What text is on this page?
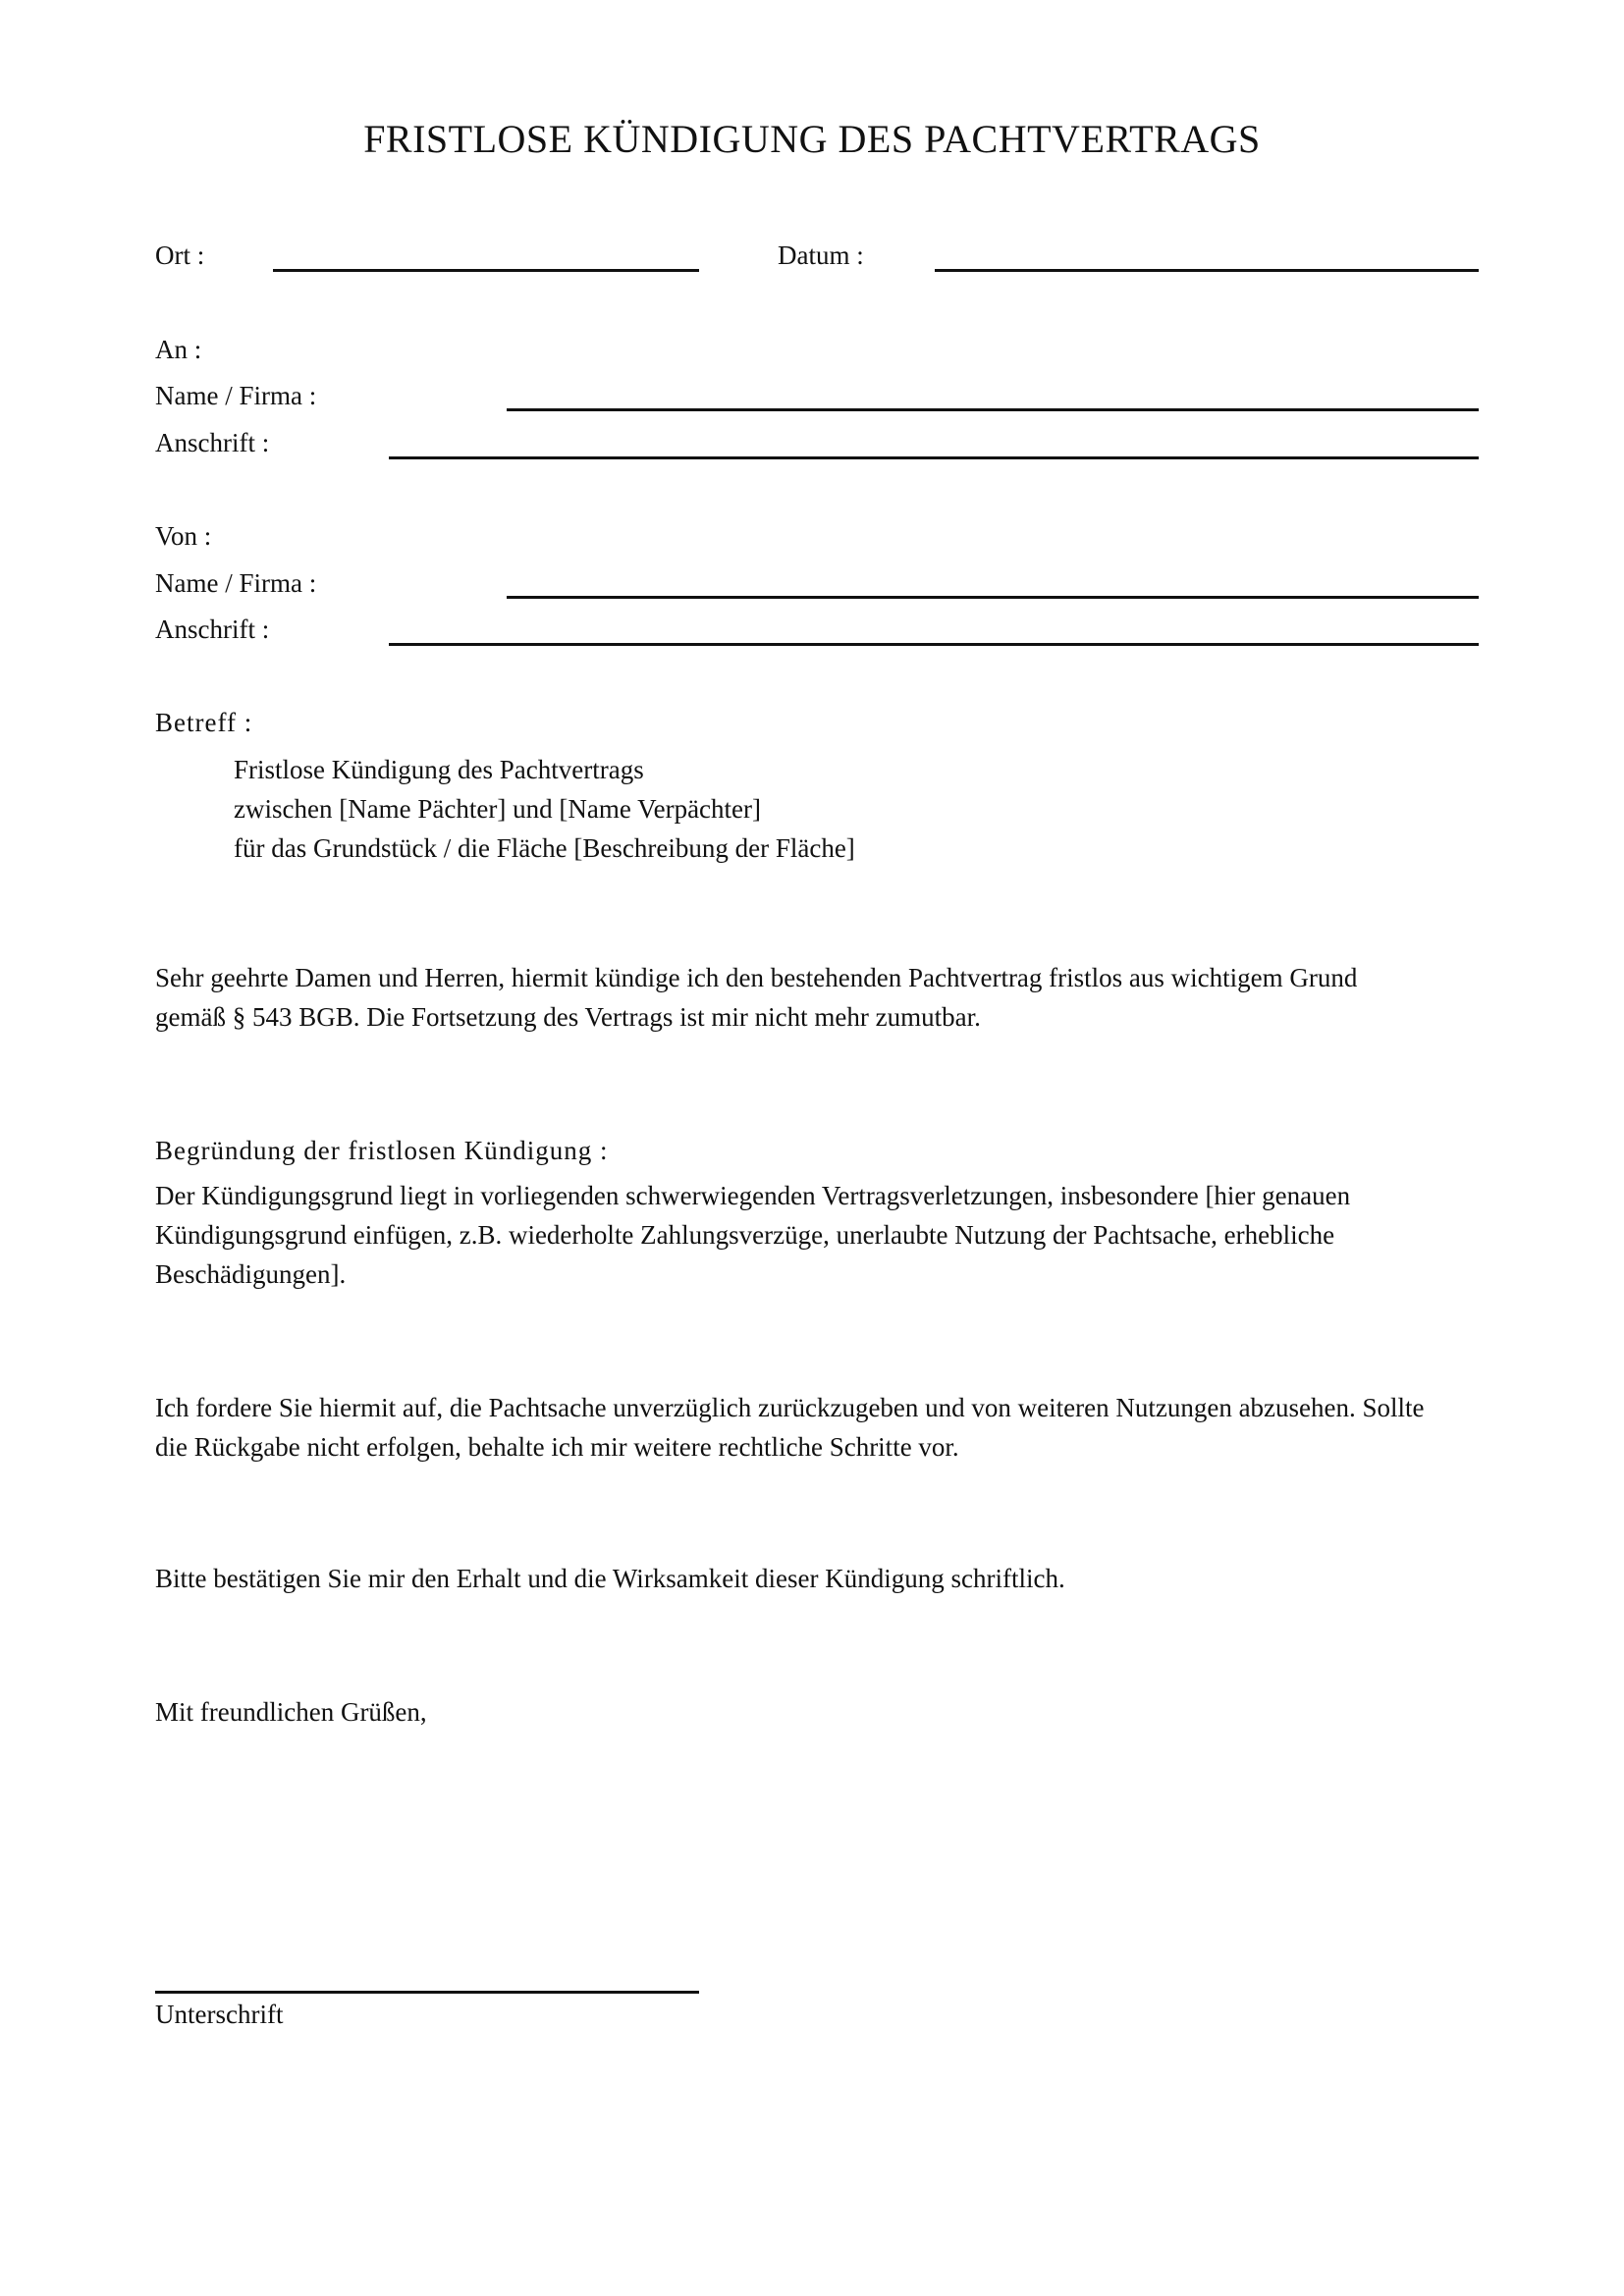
FRISTLOSE KÜNDIGUNG DES PACHTVERTRAGS
Ort :	Datum :
An :
Name / Firma :
Anschrift :
Von :
Name / Firma :
Anschrift :
Betreff :
Fristlose Kündigung des Pachtvertrags
zwischen [Name Pächter] und [Name Verpächter]
für das Grundstück / die Fläche [Beschreibung der Fläche]
Sehr geehrte Damen und Herren, hiermit kündige ich den bestehenden Pachtvertrag fristlos aus wichtigem Grund
gemäß § 543 BGB. Die Fortsetzung des Vertrags ist mir nicht mehr zumutbar.
Begründung der fristlosen Kündigung :
Der Kündigungsgrund liegt in vorliegenden schwerwiegenden Vertragsverletzungen, insbesondere [hier genauen
Kündigungsgrund einfügen, z.B. wiederholte Zahlungsverzüge, unerlaubte Nutzung der Pachtsache, erhebliche
Beschädigungen].
Ich fordere Sie hiermit auf, die Pachtsache unverzüglich zurückzugeben und von weiteren Nutzungen abzusehen. Sollte
die Rückgabe nicht erfolgen, behalte ich mir weitere rechtliche Schritte vor.
Bitte bestätigen Sie mir den Erhalt und die Wirksamkeit dieser Kündigung schriftlich.
Mit freundlichen Grüßen,
Unterschrift
